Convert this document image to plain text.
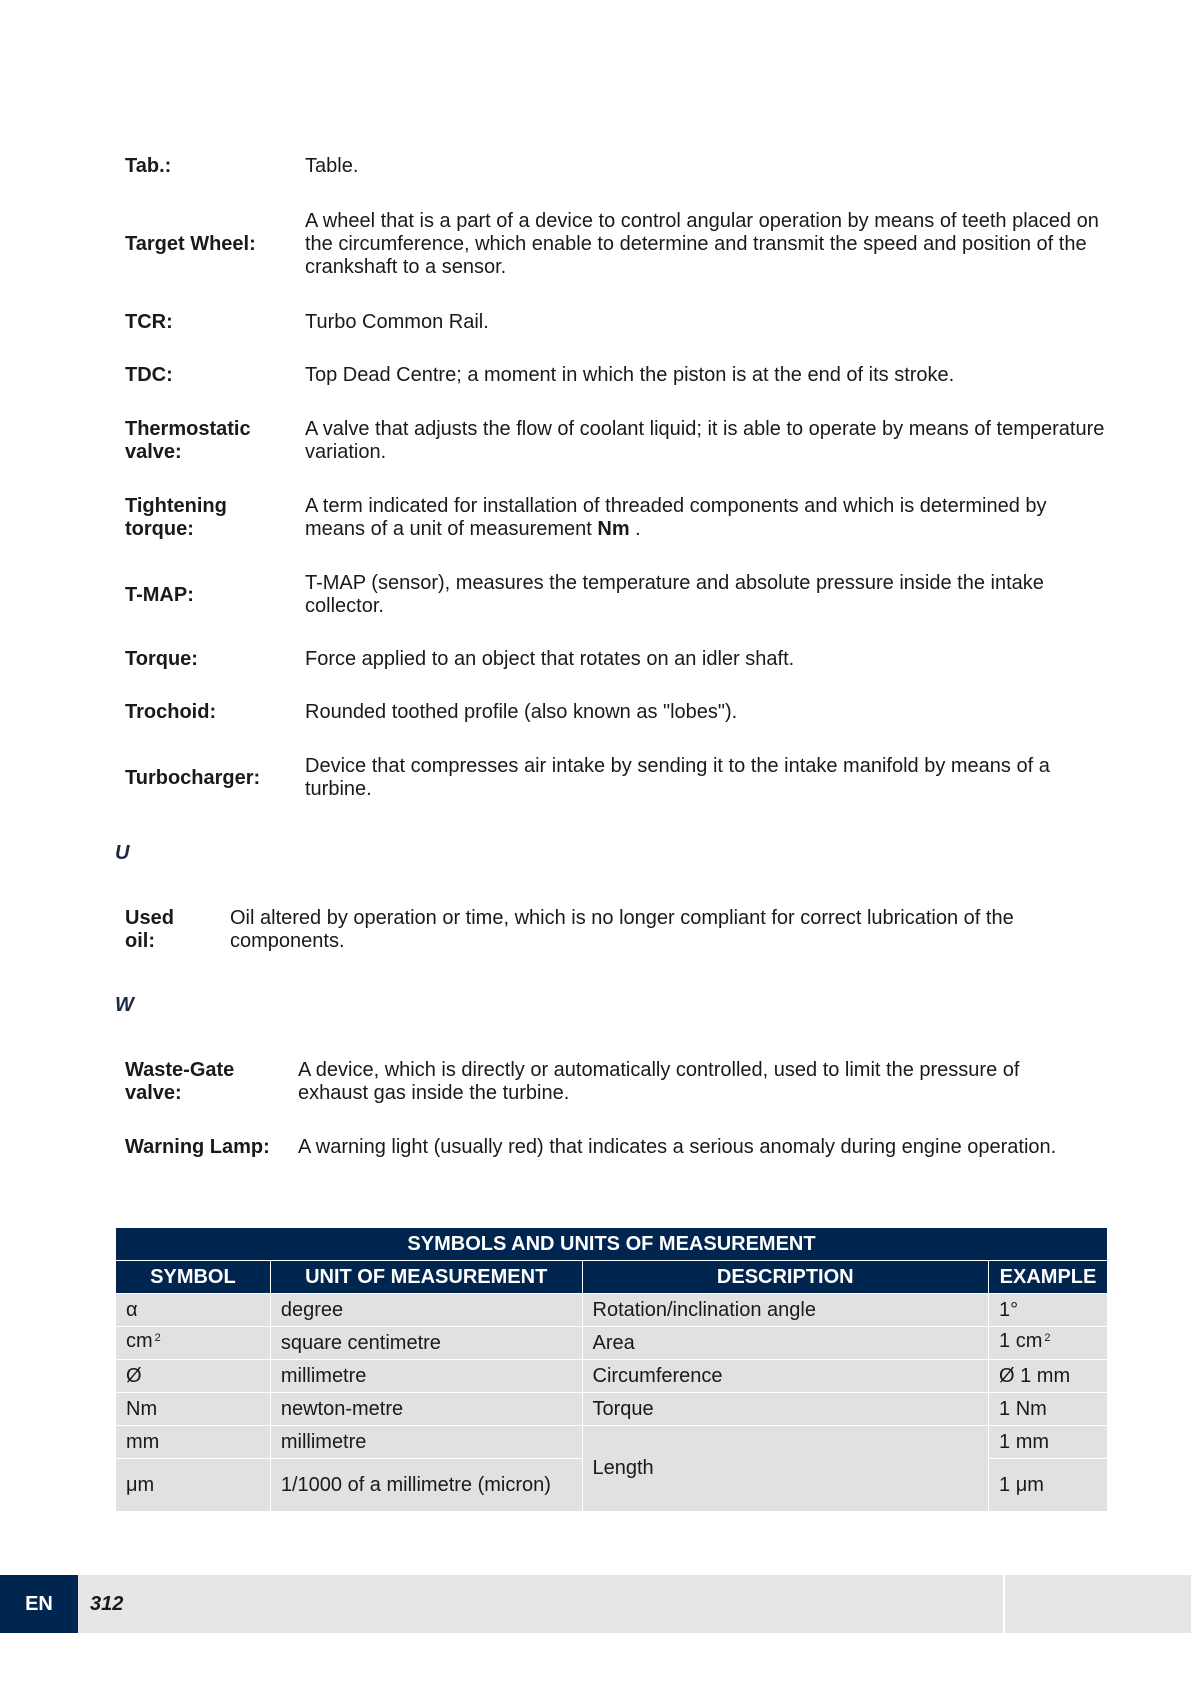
Tab.:	Table.
Target Wheel:
A wheel that is a part of a device to control angular operation by means of teeth placed on the circumference, which enable to determine and transmit the speed and position of the crankshaft to a sensor.
TCR:	Turbo Common Rail.
TDC:	Top Dead Centre; a moment in which the piston is at the end of its stroke.
Thermostatic valve:
A valve that adjusts the flow of coolant liquid; it is able to operate by means of temperature variation.
Tightening torque:
A term indicated for installation of threaded components and which is determined by means of a unit of measurement Nm .
T-MAP:
T-MAP (sensor), measures the temperature and absolute pressure inside the intake collector.
Torque:	Force applied to an object that rotates on an idler shaft.
Trochoid:	Rounded toothed profile (also known as "lobes").
Turbocharger:
Device that compresses air intake by sending it to the intake manifold by means of a turbine.
U
Used oil:
Oil altered by operation or time, which is no longer compliant for correct lubrication of the components.
W
Waste-Gate valve:
A device, which is directly or automatically controlled, used to limit the pressure of exhaust gas inside the turbine.
Warning Lamp:	A warning light (usually red) that indicates a serious anomaly during engine operation.
SYMBOLS AND UNITS OF MEASUREMENT			
SYMBOL	UNIT OF MEASUREMENT	DESCRIPTION	EXAMPLE
α	degree	Rotation/inclination angle	1°
cm $^2$	square centimetre	Area	1 cm $^2$
Ø	millimetre	Circumference	Ø 1 mm
Nm	newton-metre	Torque	1 Nm
mm	millimetre	Length	1 mm
μm	1/1000 of a millimetre (micron)		1 μm
EN	312
